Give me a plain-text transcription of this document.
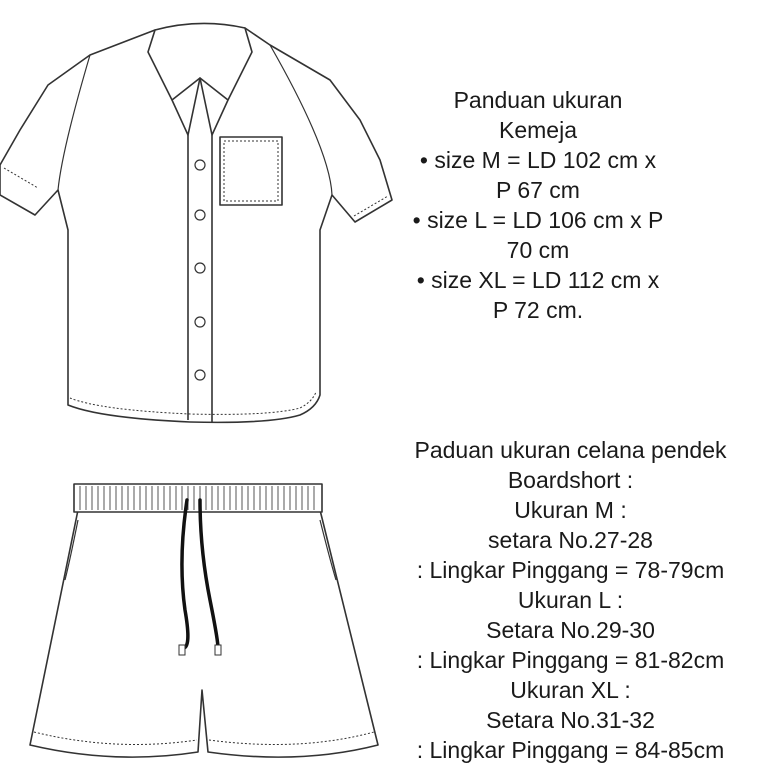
Panduan ukuran
Kemeja
• size M = LD 102 cm x
P 67 cm
• size L = LD 106 cm x P
70 cm
• size XL = LD 112 cm x
P 72 cm.
Paduan ukuran celana pendek
Boardshort :
Ukuran M :
setara No.27-28
: Lingkar Pinggang = 78-79cm
Ukuran L :
Setara No.29-30
: Lingkar Pinggang = 81-82cm
Ukuran XL :
Setara No.31-32
: Lingkar Pinggang = 84-85cm
